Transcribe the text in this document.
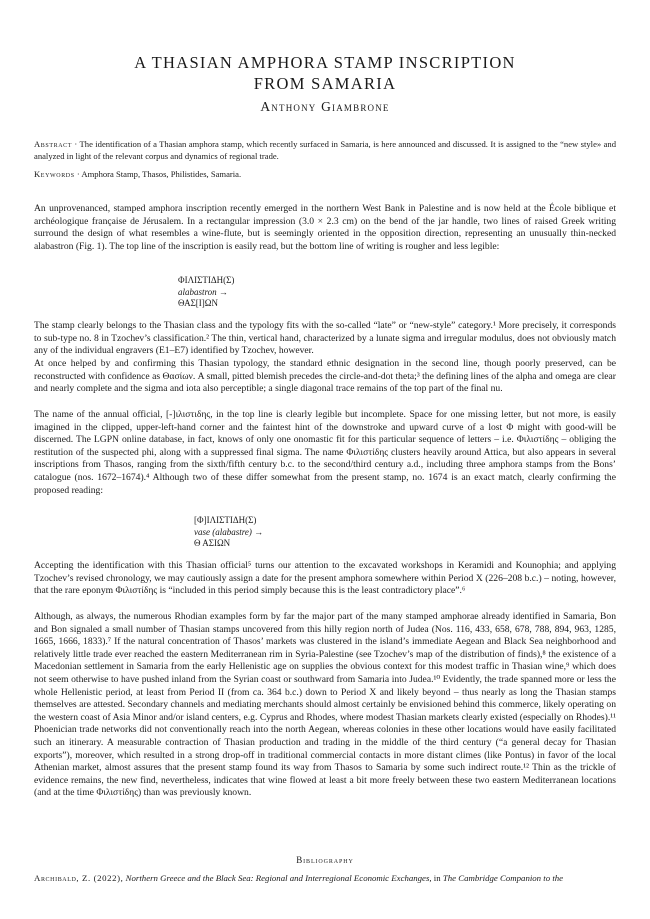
A THASIAN AMPHORA STAMP INSCRIPTION
FROM SAMARIA
Anthony Giambrone
Abstract · The identification of a Thasian amphora stamp, which recently surfaced in Samaria, is here announced and discussed. It is assigned to the “new style» and analyzed in light of the relevant corpus and dynamics of regional trade.
Keywords · Amphora Stamp, Thasos, Philistides, Samaria.

An unprovenanced, stamped amphora inscription recently emerged in the northern West Bank in Palestine and is now held at the École biblique et archéologique française de Jérusalem. In a rectangular impression (3.0 × 2.3 cm) on the bend of the jar handle, two lines of raised Greek writing surround the design of what resembles a wine-flute, but is seemingly oriented in the opposition direction, representing an unusually thin-necked alabastron (Fig. 1). The top line of the inscription is easily read, but the bottom line of writing is rougher and less legible:

ΦΙΛΙΣΤΙΔΗ(Σ)
alabastron →
ΘΑΣ[Ι]ΩΝ

The stamp clearly belongs to the Thasian class and the typology fits with the so-called “late” or “new-style” category.¹ More precisely, it corresponds to sub-type no. 8 in Tzochev’s classification.² The thin, vertical hand, characterized by a lunate sigma and irregular modulus, does not obviously match any of the individual engravers (E1–E7) identified by Tzochev, however.

At once helped by and confirming this Thasian typology, the standard ethnic designation in the second line, though poorly preserved, can be reconstructed with confidence as Θασίων. A small, pitted blemish precedes the circle-and-dot theta;³ the defining lines of the alpha and omega are clear and nearly complete and the sigma and iota also perceptible; a single diagonal trace remains of the top part of the final nu.

The name of the annual official, [-]ιλιστιδης, in the top line is clearly legible but incomplete. Space for one missing letter, but not more, is easily imagined in the clipped, upper-left-hand corner and the faintest hint of the downstroke and upward curve of a lost Φ might with good-will be discerned. The LGPN online database, in fact, knows of only one onomastic fit for this particular sequence of letters – i.e. Φιλιστίδης – obliging the restitution of the suspected phi, along with a suppressed final sigma. The name Φιλιστίδης clusters heavily around Attica, but also appears in several inscriptions from Thasos, ranging from the sixth/fifth century b.c. to the second/third century a.d., including three amphora stamps from the Bons’ catalogue (nos. 1672–1674).⁴ Although two of these differ somewhat from the present stamp, no. 1674 is an exact match, clearly confirming the proposed reading:

[Φ]ΙΛΙΣΤΙΔΗ(Σ)
vase (alabastre) →
Θ ΑΣΙΩΝ

Accepting the identification with this Thasian official⁵ turns our attention to the excavated workshops in Keramidi and Kounophia; and applying Tzochev’s revised chronology, we may cautiously assign a date for the present amphora somewhere within Period X (226–208 b.c.) – noting, however, that the rare eponym Φιλιστίδης is “included in this period simply because this is the least contradictory place”.⁶

Although, as always, the numerous Rhodian examples form by far the major part of the many stamped amphorae already identified in Samaria, Bon and Bon signaled a small number of Thasian stamps uncovered from this hilly region north of Judea (Nos. 116, 433, 658, 678, 788, 894, 963, 1285, 1665, 1666, 1833).⁷ If the natural concentration of Thasos’ markets was clustered in the island’s immediate Aegean and Black Sea neighborhood and relatively little trade ever reached the eastern Mediterranean rim in Syria-Palestine (see Tzochev’s map of the distribution of finds),⁸ the existence of a Macedonian settlement in Samaria from the early Hellenistic age on supplies the obvious context for this modest traffic in Thasian wine,⁹ which does not seem otherwise to have pushed inland from the Syrian coast or southward from Samaria into Judea.¹⁰ Evidently, the trade spanned more or less the whole Hellenistic period, at least from Period II (from ca. 364 b.c.) down to Period X and likely beyond – thus nearly as long the Thasian stamps themselves are attested. Secondary channels and mediating merchants should almost certainly be envisioned behind this commerce, likely operating on the western coast of Asia Minor and/or island centers, e.g. Cyprus and Rhodes, where modest Thasian markets clearly existed (especially on Rhodes).¹¹ Phoenician trade networks did not conventionally reach into the north Aegean, whereas colonies in these other locations would have easily facilitated such an itinerary. A measurable contraction of Thasian production and trading in the middle of the third century (“a general decay for Thasian exports”), moreover, which resulted in a strong drop-off in traditional commercial contacts in more distant climes (like Pontus) in favor of the local Athenian market, almost assures that the present stamp found its way from Thasos to Samaria by some such indirect route.¹² Thin as the trickle of evidence remains, the new find, nevertheless, indicates that wine flowed at least a bit more freely between these two eastern Mediterranean locations (and at the time Φιλιστίδης) than was previously known.

Bibliography
Archibald, Z. (2022), Northern Greece and the Black Sea: Regional and Interregional Economic Exchanges, in The Cambridge Companion to the
